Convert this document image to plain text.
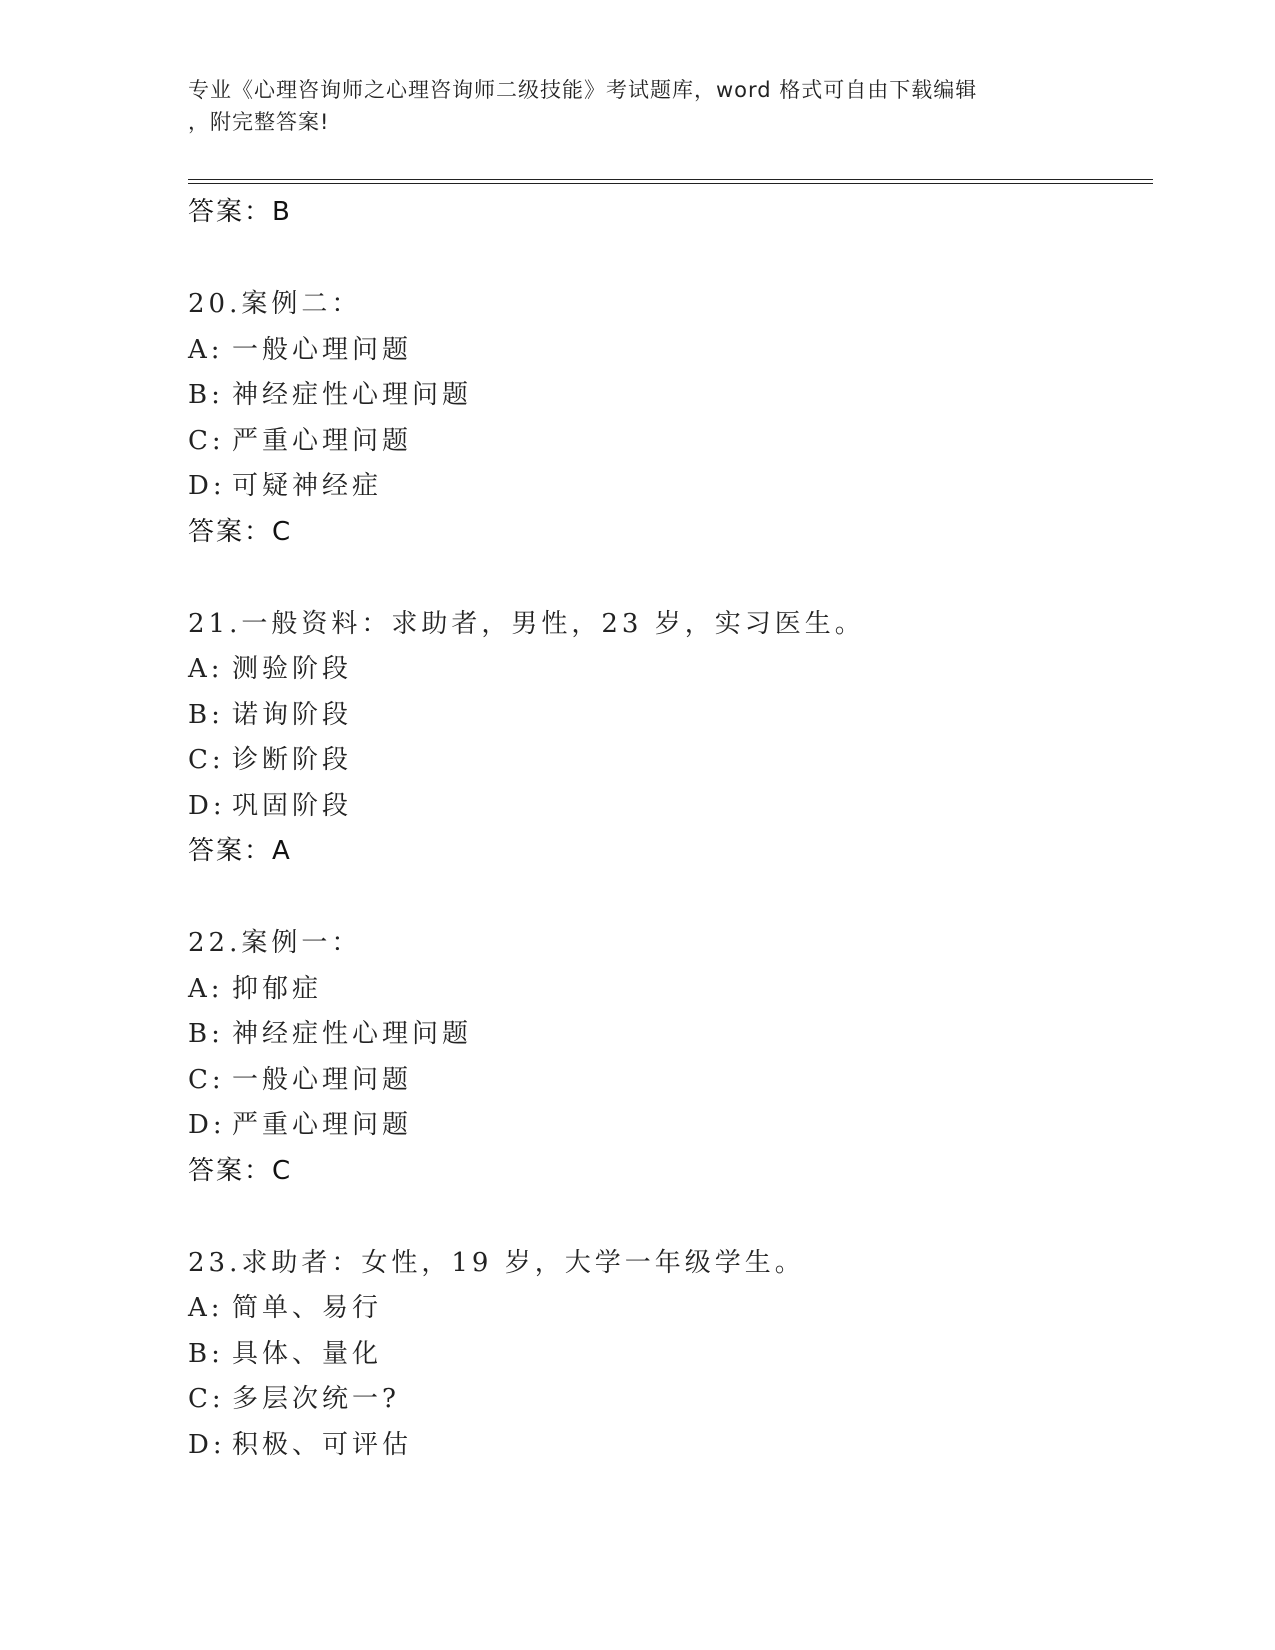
专业《心理咨询师之心理咨询师二级技能》考试题库，word 格式可自由下载编辑
，附完整答案!
答案：B
20.案例二：
A: 一般心理问题
B: 神经症性心理问题
C: 严重心理问题
D: 可疑神经症
答案：C
21.一般资料：求助者，男性，23 岁，实习医生。
A: 测验阶段
B: 诺询阶段
C: 诊断阶段
D: 巩固阶段
答案：A
22.案例一：
A: 抑郁症
B: 神经症性心理问题
C: 一般心理问题
D: 严重心理问题
答案：C
23.求助者：女性，19 岁，大学一年级学生。
A: 简单、易行
B: 具体、量化
C: 多层次统一?
D: 积极、可评估
